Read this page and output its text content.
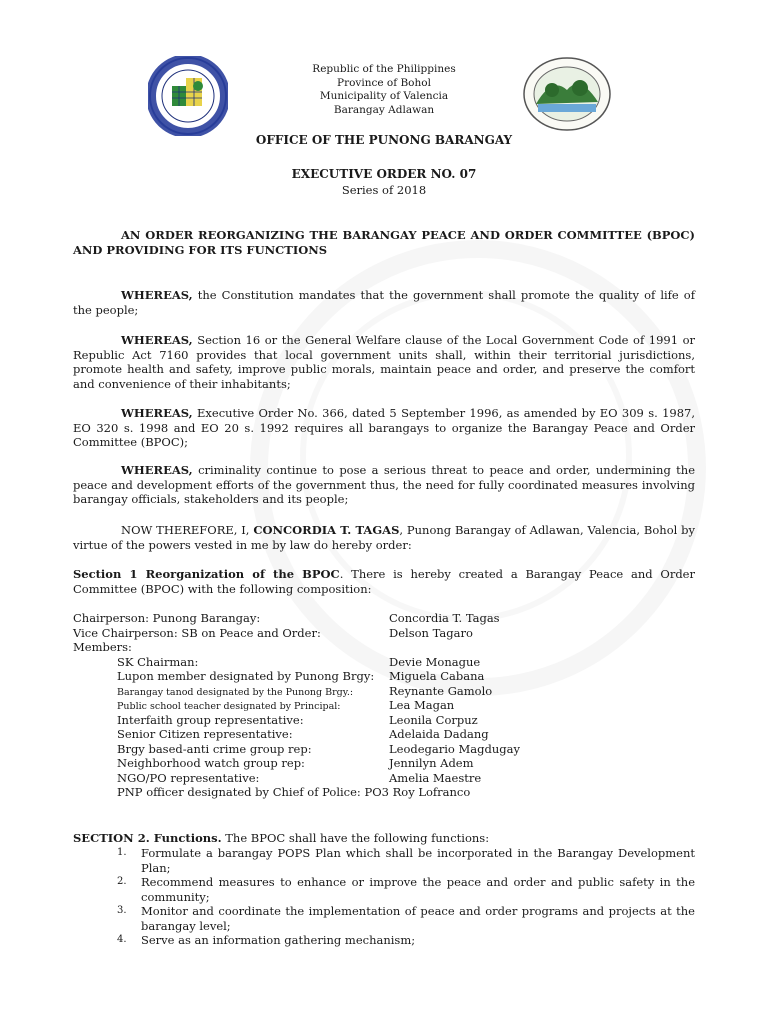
Republic of the Philippines
Province of Bohol
Municipality of Valencia
Barangay Adlawan
OFFICE OF THE PUNONG BARANGAY
EXECUTIVE ORDER NO. 07
Series of 2018
AN ORDER REORGANIZING THE BARANGAY PEACE AND ORDER COMMITTEE (BPOC) AND PROVIDING FOR ITS FUNCTIONS
WHEREAS, the Constitution mandates that the government shall promote the quality of life of the people;
WHEREAS, Section 16 or the General Welfare clause of the Local Government Code of 1991 or Republic Act 7160 provides that local government units shall, within their territorial jurisdictions, promote health and safety, improve public morals, maintain peace and order, and preserve the comfort and convenience of their inhabitants;
WHEREAS, Executive Order No. 366, dated 5 September 1996, as amended by EO 309 s. 1987, EO 320 s. 1998 and EO 20 s. 1992 requires all barangays to organize the Barangay Peace and Order Committee (BPOC);
WHEREAS, criminality continue to pose a serious threat to peace and order, undermining the peace and development efforts of the government thus, the need for fully coordinated measures involving barangay officials, stakeholders and its people;
NOW THEREFORE, I, CONCORDIA T. TAGAS, Punong Barangay of Adlawan, Valencia, Bohol by virtue of the powers vested in me by law do hereby order:
Section 1 Reorganization of the BPOC. There is hereby created a Barangay Peace and Order Committee (BPOC) with the following composition:
Chairperson: Punong Barangay:	Concordia T. Tagas
Vice Chairperson: SB on Peace and Order:	Delson Tagaro
Members:
SK Chairman:	Devie Monague
Lupon member designated by Punong Brgy: Miguela Cabana
Barangay tanod designated by the Punong Brgy.:	Reynante Gamolo
Public school teacher designated by Principal:	Lea Magan
Interfaith group representative:	Leonila Corpuz
Senior Citizen representative:	Adelaida Dadang
Brgy based-anti crime group rep:	Leodegario Magdugay
Neighborhood watch group rep:	Jennilyn Adem
NGO/PO representative:	Amelia Maestre
PNP officer designated by Chief of Police: PO3 Roy Lofranco
SECTION 2. Functions. The BPOC shall have the following functions:
1. Formulate a barangay POPS Plan which shall be incorporated in the Barangay Development Plan;
2. Recommend measures to enhance or improve the peace and order and public safety in the community;
3. Monitor and coordinate the implementation of peace and order programs and projects at the barangay level;
4. Serve as an information gathering mechanism;
